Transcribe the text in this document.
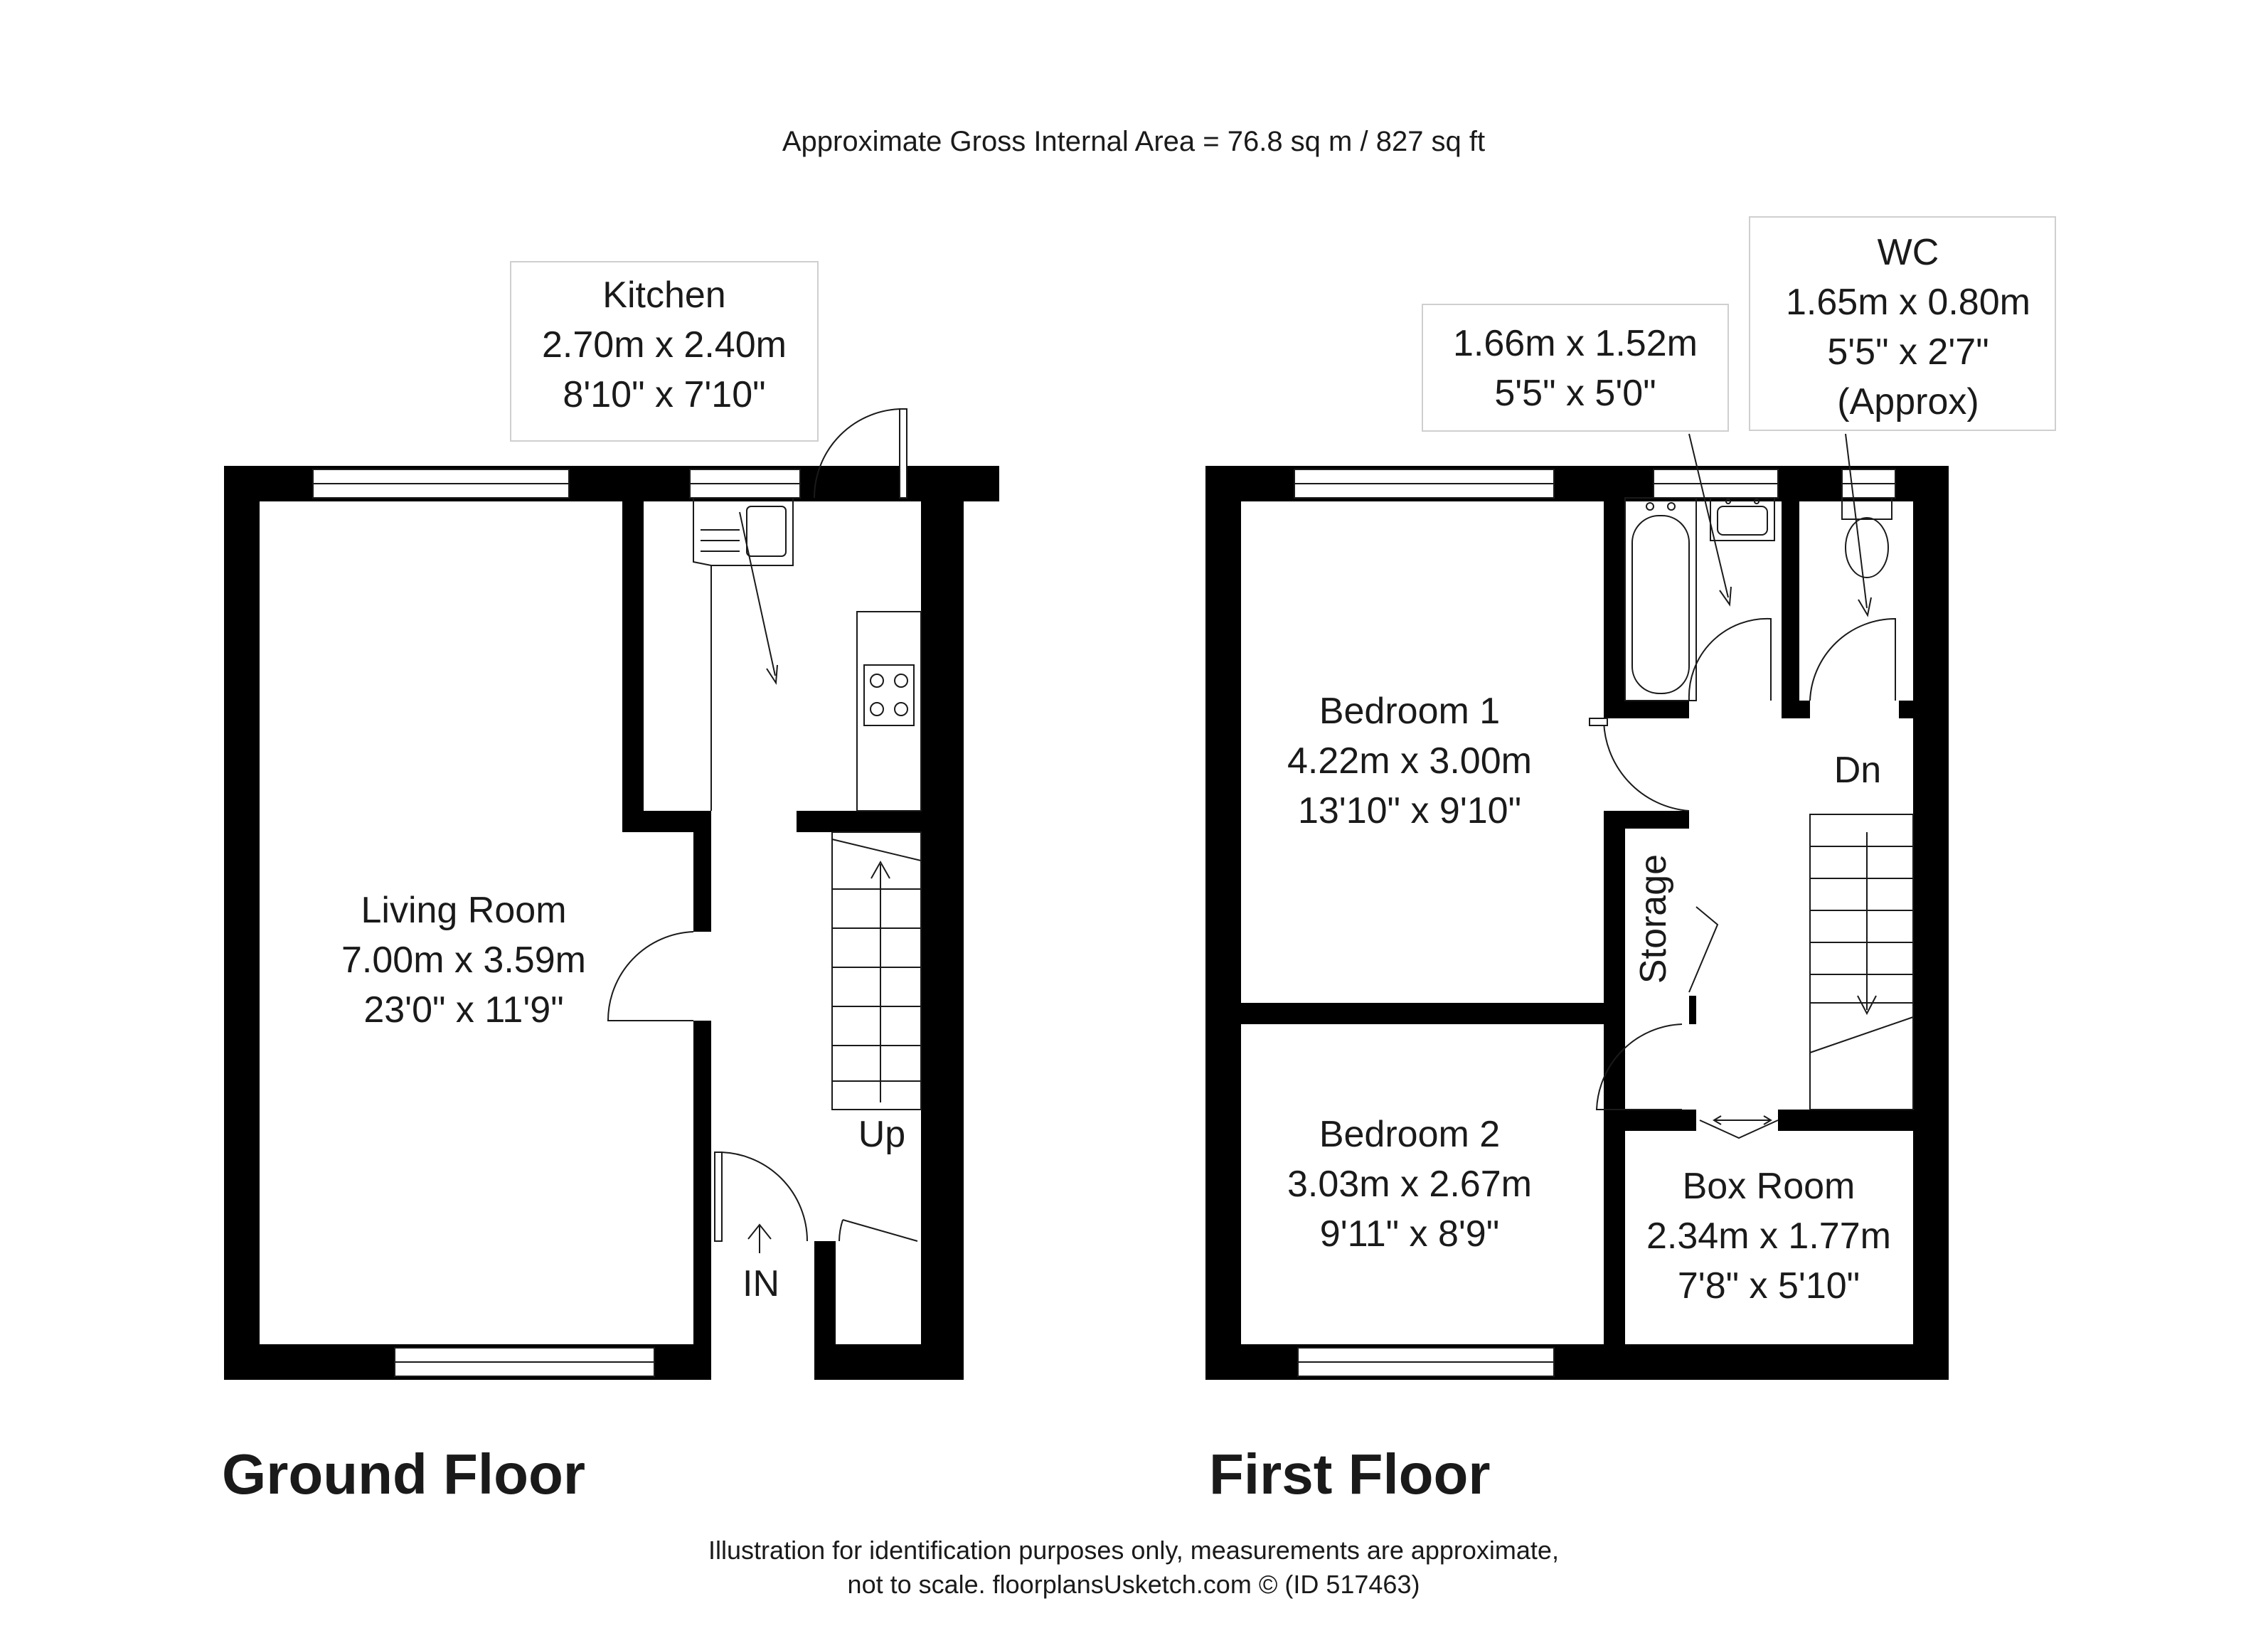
Approximate Gross Internal Area = 76.8 sq m / 827 sq ft
Up
IN
Kitchen
2.70m x 2.40m
8'10" x 7'10"
Living Room
7.00m x 3.59m
23'0" x 11'9"
Ground Floor
Dn
Storage
1.66m x 1.52m
5'5" x 5'0"
WC
1.65m x 0.80m
5'5" x 2'7"
(Approx)
Bedroom 1
4.22m x 3.00m
13'10" x 9'10"
Bedroom 2
3.03m x 2.67m
9'11" x 8'9"
Box Room
2.34m x 1.77m
7'8" x 5'10"
First Floor
Illustration for identification purposes only, measurements are approximate,
not to scale. floorplansUsketch.com © (ID 517463)
